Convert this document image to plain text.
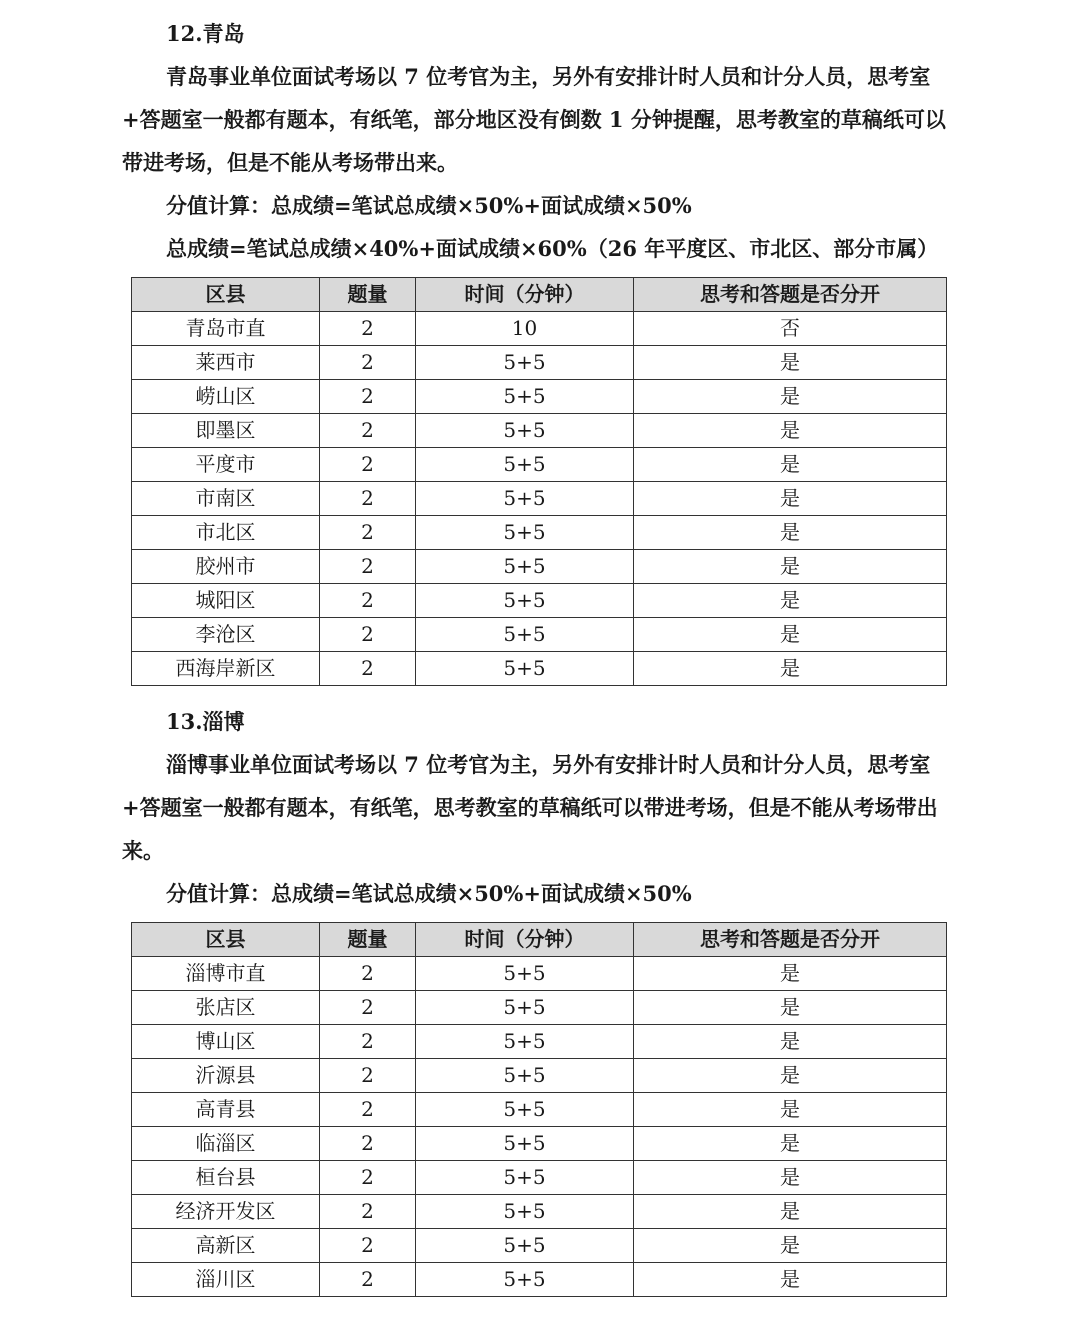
12.青岛

青岛事业单位面试考场以 7 位考官为主，另外有安排计时人员和计分人员，思考室+答题室一般都有题本，有纸笔，部分地区没有倒数 1 分钟提醒，思考教室的草稿纸可以带进考场，但是不能从考场带出来。

分值计算：总成绩=笔试总成绩×50%+面试成绩×50%
总成绩=笔试总成绩×40%+面试成绩×60%（26 年平度区、市北区、部分市属）
区县	题量	时间（分钟）	思考和答题是否分开
青岛市直	2	10	否
莱西市	2	5+5	是
崂山区	2	5+5	是
即墨区	2	5+5	是
平度市	2	5+5	是
市南区	2	5+5	是
市北区	2	5+5	是
胶州市	2	5+5	是
城阳区	2	5+5	是
李沧区	2	5+5	是
西海岸新区	2	5+5	是
13.淄博

淄博事业单位面试考场以 7 位考官为主，另外有安排计时人员和计分人员，思考室+答题室一般都有题本，有纸笔，思考教室的草稿纸可以带进考场，但是不能从考场带出来。

分值计算：总成绩=笔试总成绩×50%+面试成绩×50%
区县	题量	时间（分钟）	思考和答题是否分开
淄博市直	2	5+5	是
张店区	2	5+5	是
博山区	2	5+5	是
沂源县	2	5+5	是
高青县	2	5+5	是
临淄区	2	5+5	是
桓台县	2	5+5	是
经济开发区	2	5+5	是
高新区	2	5+5	是
淄川区	2	5+5	是
